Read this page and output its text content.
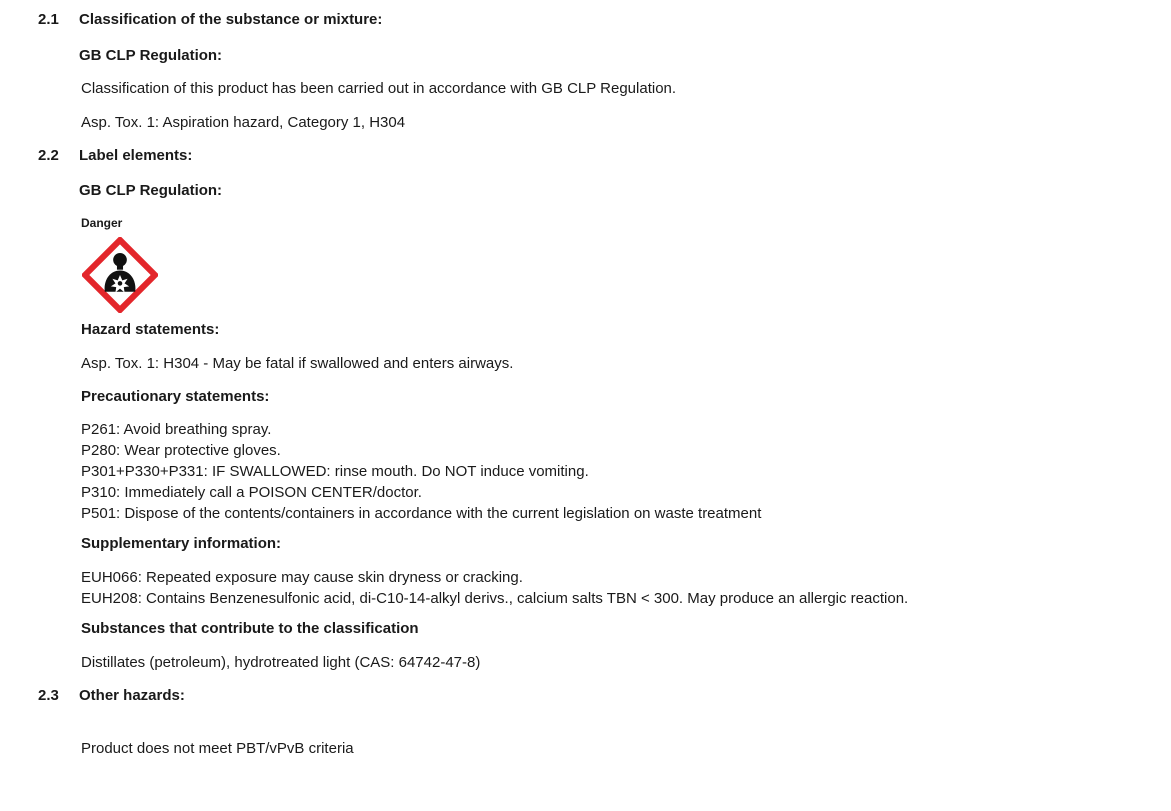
2.1 Classification of the substance or mixture:
GB CLP Regulation:
Classification of this product has been carried out in accordance with GB CLP Regulation.
Asp. Tox. 1: Aspiration hazard, Category 1, H304
2.2 Label elements:
GB CLP Regulation:
Danger
Hazard statements:
Asp. Tox. 1: H304 - May be fatal if swallowed and enters airways.
Precautionary statements:
P261: Avoid breathing spray.
P280: Wear protective gloves.
P301+P330+P331: IF SWALLOWED: rinse mouth. Do NOT induce vomiting.
P310: Immediately call a POISON CENTER/doctor.
P501: Dispose of the contents/containers in accordance with the current legislation on waste treatment
Supplementary information:
EUH066: Repeated exposure may cause skin dryness or cracking.
EUH208: Contains Benzenesulfonic acid, di-C10-14-alkyl derivs., calcium salts TBN < 300. May produce an allergic reaction.
Substances that contribute to the classification
Distillates (petroleum), hydrotreated light (CAS: 64742-47-8)
2.3 Other hazards:
Product does not meet PBT/vPvB criteria
